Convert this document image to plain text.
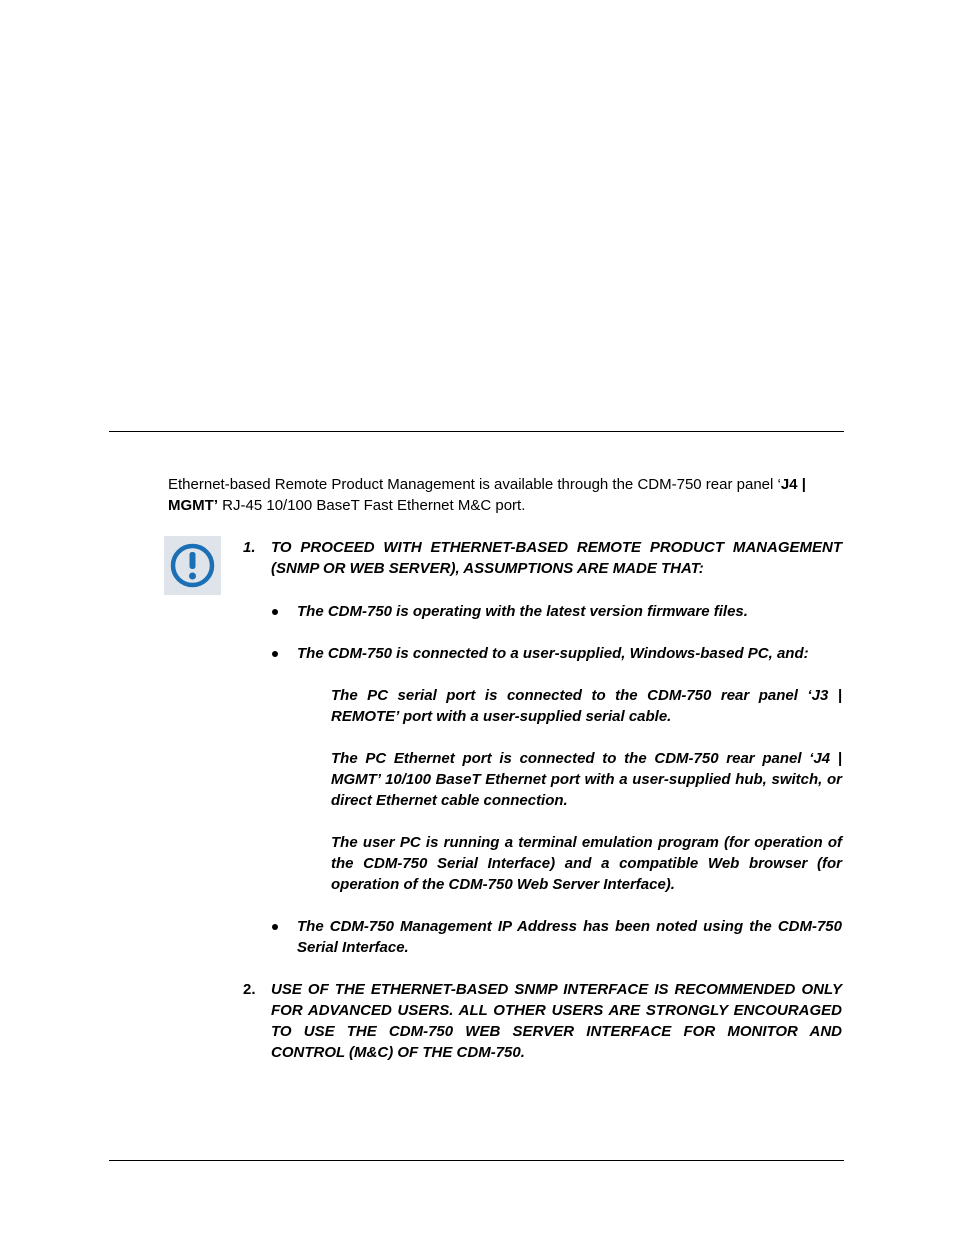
Ethernet-based Remote Product Management is available through the CDM-750 rear panel ‘J4 |
MGMT’ RJ-45 10/100 BaseT Fast Ethernet M&C port.
1. TO PROCEED WITH ETHERNET-BASED REMOTE PRODUCT MANAGEMENT (SNMP OR WEB SERVER), ASSUMPTIONS ARE MADE THAT:
The CDM-750 is operating with the latest version firmware files.
The CDM-750 is connected to a user-supplied, Windows-based PC, and:
The PC serial port is connected to the CDM-750 rear panel ‘J3 | REMOTE’ port with a user-supplied serial cable.
The PC Ethernet port is connected to the CDM-750 rear panel ‘J4 | MGMT’ 10/100 BaseT Ethernet port with a user-supplied hub, switch, or direct Ethernet cable connection.
The user PC is running a terminal emulation program (for operation of the CDM-750 Serial Interface) and a compatible Web browser (for operation of the CDM-750 Web Server Interface).
The CDM-750 Management IP Address has been noted using the CDM-750 Serial Interface.
2. USE OF THE ETHERNET-BASED SNMP INTERFACE IS RECOMMENDED ONLY FOR ADVANCED USERS. ALL OTHER USERS ARE STRONGLY ENCOURAGED TO USE THE CDM-750 WEB SERVER INTERFACE FOR MONITOR AND CONTROL (M&C) OF THE CDM-750.
